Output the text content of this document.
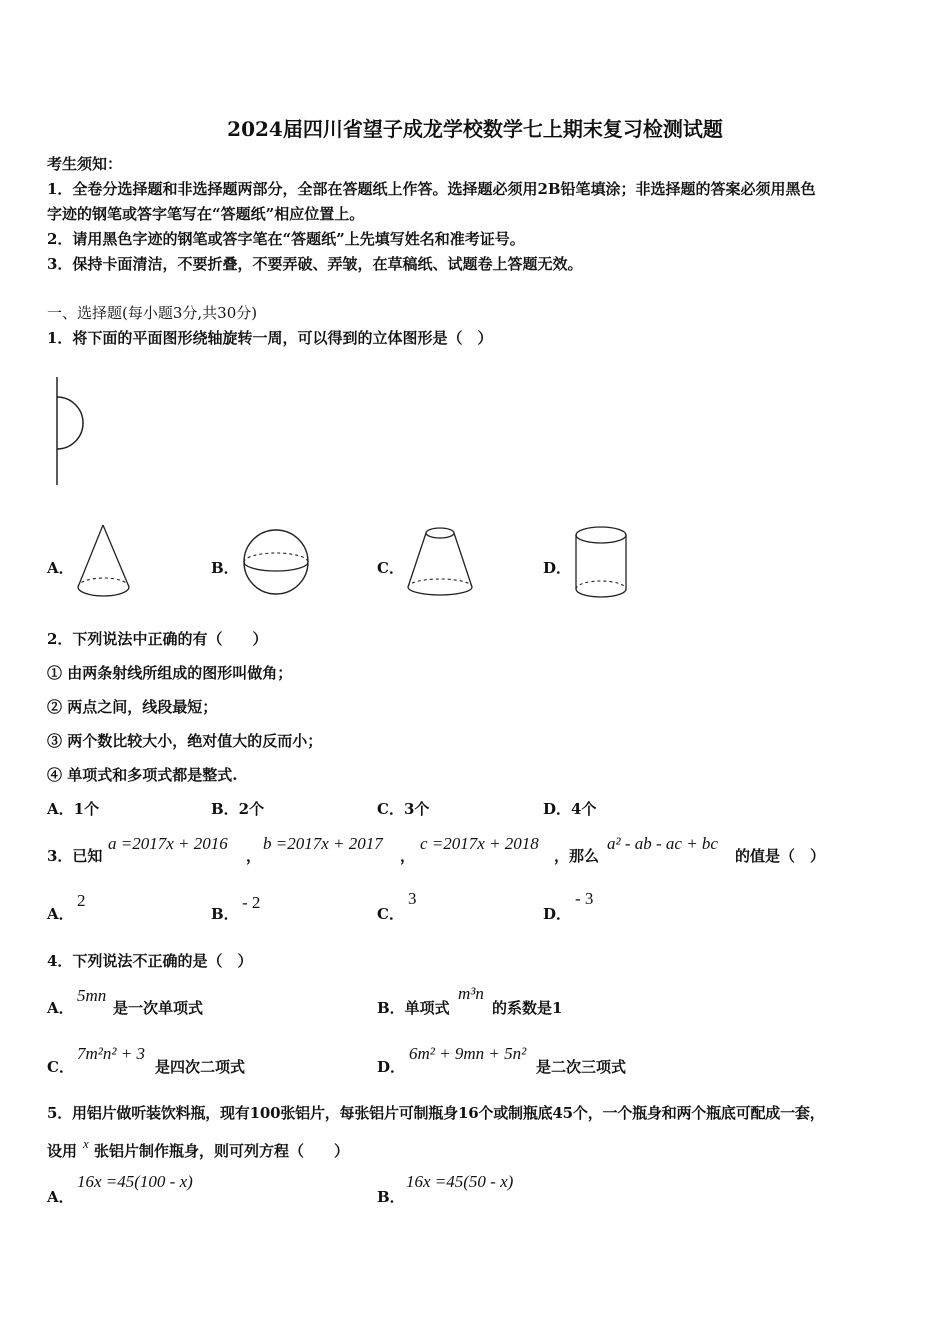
2024届四川省望子成龙学校数学七上期末复习检测试题
考生须知：
1．全卷分选择题和非选择题两部分，全部在答题纸上作答。选择题必须用2B铅笔填涂；非选择题的答案必须用黑色
字迹的钢笔或答字笔写在“答题纸”相应位置上。
2．请用黑色字迹的钢笔或答字笔在“答题纸”上先填写姓名和准考证号。
3．保持卡面清洁，不要折叠，不要弄破、弄皱，在草稿纸、试题卷上答题无效。
一、选择题(每小题3分,共30分)
1．将下面的平面图形绕轴旋转一周，可以得到的立体图形是（　）
A．	B．	C．	D．
2．下列说法中正确的有（　　）
① 由两条射线所组成的图形叫做角；
② 两点之间，线段最短；
③ 两个数比较大小，绝对值大的反而小；
④ 单项式和多项式都是整式.
A．1个	B．2个	C．3个	D．4个
3．已知
a =2017x + 2016
，
b =2017x + 2017
，
c =2017x + 2018
，那么
a² - ab - ac + bc
的值是（　）
A．
2
B．
- 2
C．
3
D．
- 3
4．下列说法不正确的是（　）
A．
5mn
是一次单项式	B．单项式
m³n
的系数是1
C．
7m²n² + 3
是四次二项式	D．
6m² + 9mn + 5n²
是二次三项式
5．用铝片做听装饮料瓶，现有100张铝片，每张铝片可制瓶身16个或制瓶底45个，一个瓶身和两个瓶底可配成一套，
设用 x 张铝片制作瓶身，则可列方程（　　）
A．
16x =45(100 - x)
B．
16x =45(50 - x)
